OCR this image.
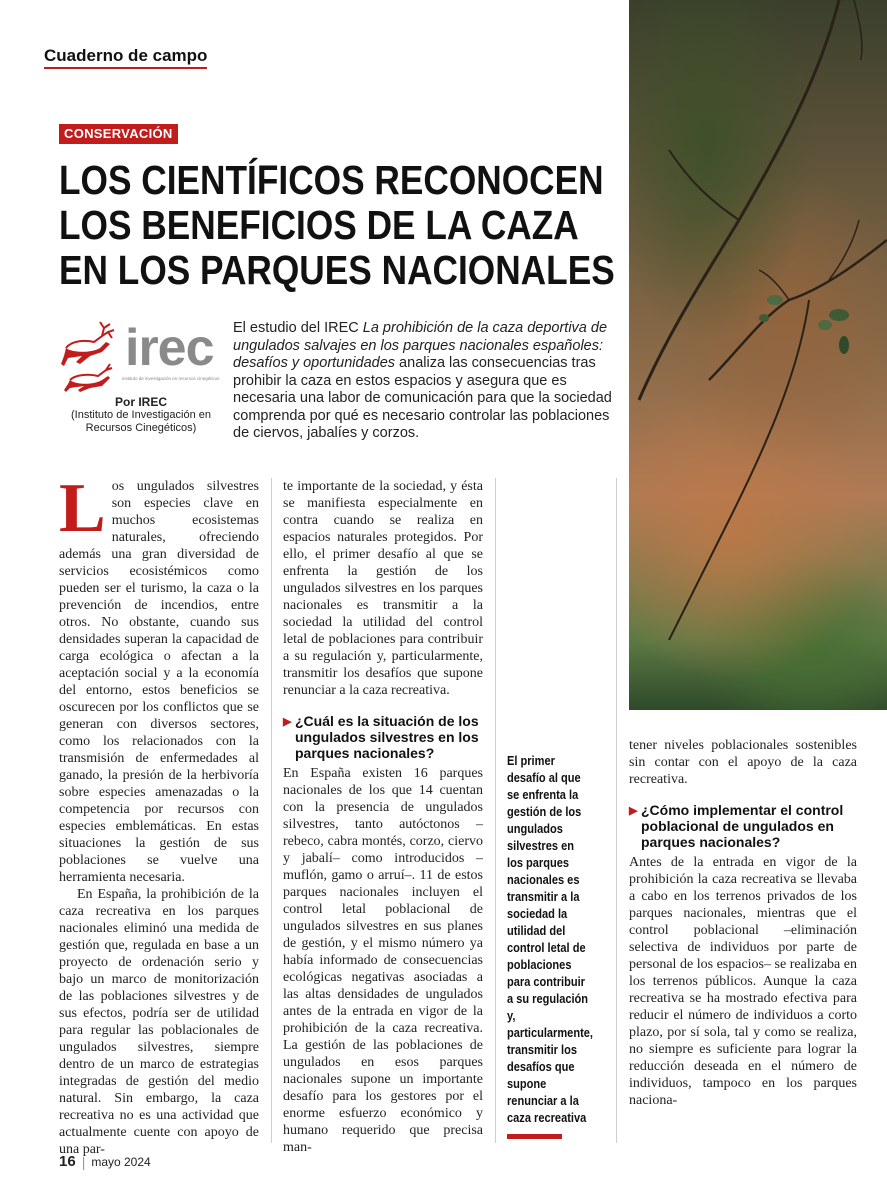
Cuaderno de campo
CONSERVACIÓN
LOS CIENTÍFICOS RECONOCEN
LOS BENEFICIOS DE LA CAZA
EN LOS PARQUES NACIONALES
irec
instituto de investigación en recursos cinegéticos
Por IREC
(Instituto de Investigación en Recursos Cinegéticos)
El estudio del IREC La prohibición de la caza deportiva de ungulados salvajes en los parques nacionales españoles: desafíos y oportunidades analiza las consecuencias tras prohibir la caza en estos espacios y asegura que es necesaria una labor de comunicación para que la sociedad comprenda por qué es necesario controlar las poblaciones de ciervos, jabalíes y corzos.
L os ungulados silvestres son especies clave en muchos ecosistemas naturales, ofreciendo además una gran diversidad de servicios ecosistémicos como pueden ser el turismo, la caza o la prevención de incendios, entre otros. No obstante, cuando sus densidades superan la capacidad de carga ecológica o afectan a la aceptación social y a la economía del entorno, estos beneficios se oscurecen por los conflictos que se generan con diversos sectores, como los relacionados con la transmisión de enfermedades al ganado, la presión de la herbivoría sobre especies amenazadas o la competencia por recursos con especies emblemáticas. En estas situaciones la gestión de sus poblaciones se vuelve una herramienta necesaria.

En España, la prohibición de la caza recreativa en los parques nacionales eliminó una medida de gestión que, regulada en base a un proyecto de ordenación serio y bajo un marco de monitorización de las poblaciones silvestres y de sus efectos, podría ser de utilidad para regular las poblacionales de ungulados silvestres, siempre dentro de un marco de estrategias integradas de gestión del medio natural. Sin embargo, la caza recreativa no es una actividad que actualmente cuente con apoyo de una par-

te importante de la sociedad, y ésta se manifiesta especialmente en contra cuando se realiza en espacios naturales protegidos. Por ello, el primer desafío al que se enfrenta la gestión de los ungulados silvestres en los parques nacionales es transmitir a la sociedad la utilidad del control letal de poblaciones para contribuir a su regulación y, particularmente, transmitir los desafíos que supone renunciar a la caza recreativa.

▶ ¿Cuál es la situación de los ungulados silvestres en los parques nacionales?

En España existen 16 parques nacionales de los que 14 cuentan con la presencia de ungulados silvestres, tanto autóctonos –rebeco, cabra montés, corzo, ciervo y jabalí– como introducidos –muflón, gamo o arruí–. 11 de estos parques nacionales incluyen el control letal poblacional de ungulados silvestres en sus planes de gestión, y el mismo número ya había informado de consecuencias ecológicas negativas asociadas a las altas densidades de ungulados antes de la entrada en vigor de la prohibición de la caza recreativa. La gestión de las poblaciones de ungulados en esos parques nacionales supone un importante desafío para los gestores por el enorme esfuerzo económico y humano requerido que precisa man-

El primer desafío al que se enfrenta la gestión de los ungulados silvestres en los parques nacionales es transmitir a la sociedad la utilidad del control letal de poblaciones para contribuir a su regulación y, particularmente, transmitir los desafíos que supone renunciar a la caza recreativa

tener niveles poblacionales sostenibles sin contar con el apoyo de la caza recreativa.

▶ ¿Cómo implementar el control poblacional de ungulados en parques nacionales?

Antes de la entrada en vigor de la prohibición la caza recreativa se llevaba a cabo en los terrenos privados de los parques nacionales, mientras que el control poblacional –eliminación selectiva de individuos por parte de personal de los espacios– se realizaba en los terrenos públicos. Aunque la caza recreativa se ha mostrado efectiva para reducir el número de individuos a corto plazo, por sí sola, tal y como se realiza, no siempre es suficiente para lograr la reducción deseada en el número de individuos, tampoco en los parques naciona-

16 | mayo 2024
